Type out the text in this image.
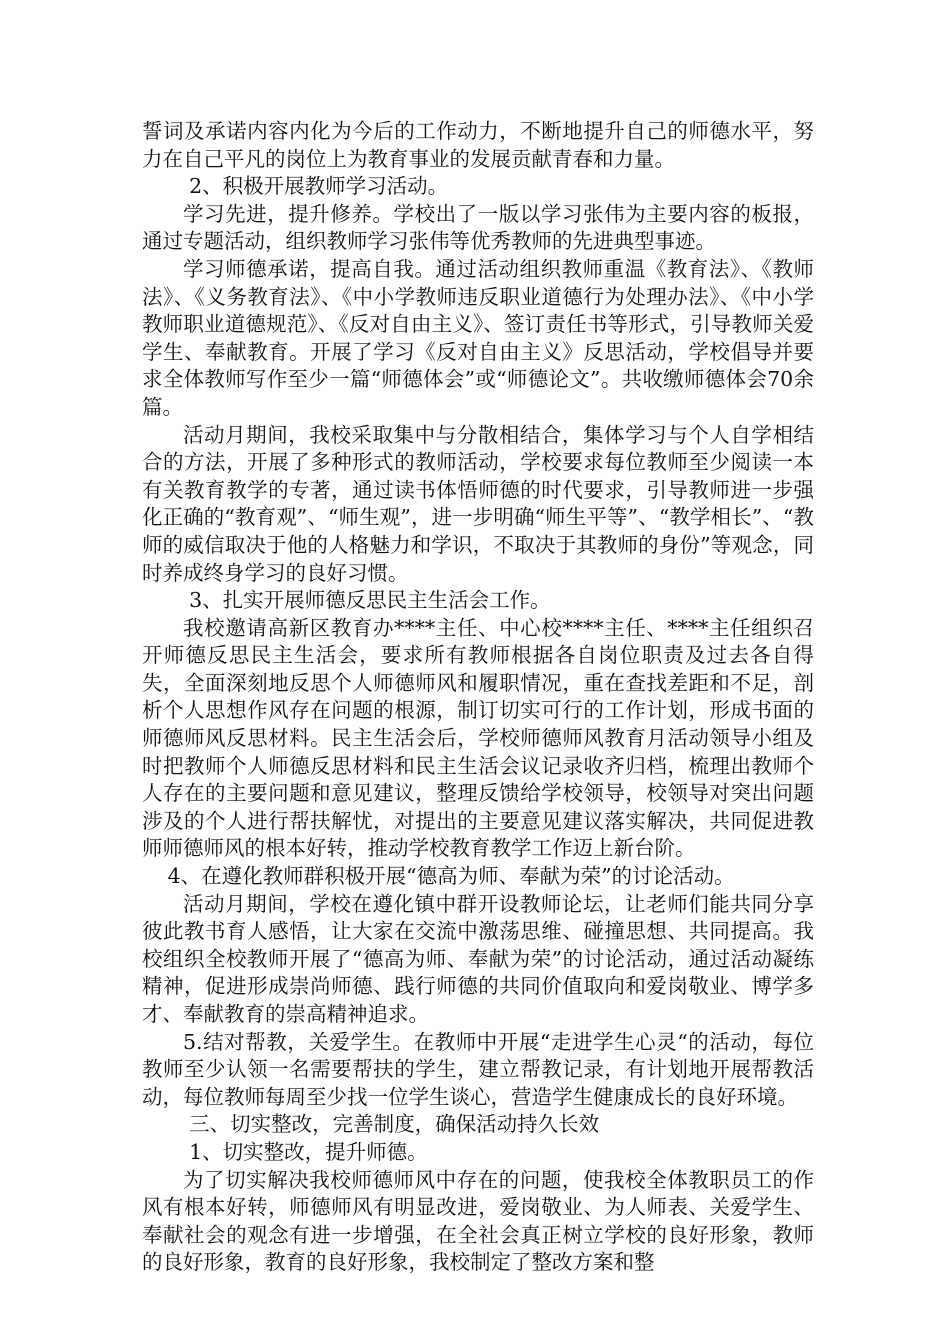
誓词及承诺内容内化为今后的工作动力，不断地提升自己的师德水平，努力在自己平凡的岗位上为教育事业的发展贡献青春和力量。

2、积极开展教师学习活动。

学习先进，提升修养。学校出了一版以学习张伟为主要内容的板报，通过专题活动，组织教师学习张伟等优秀教师的先进典型事迹。

学习师德承诺，提高自我。通过活动组织教师重温《教育法》、《教师法》、《义务教育法》、《中小学教师违反职业道德行为处理办法》、《中小学教师职业道德规范》、《反对自由主义》、签订责任书等形式，引导教师关爱学生、奉献教育。开展了学习《反对自由主义》反思活动，学校倡导并要求全体教师写作至少一篇“师德体会”或“师德论文”。共收缴师德体会70余篇。

活动月期间，我校采取集中与分散相结合，集体学习与个人自学相结合的方法，开展了多种形式的教师活动，学校要求每位教师至少阅读一本有关教育教学的专著，通过读书体悟师德的时代要求，引导教师进一步强化正确的“教育观”、“师生观”，进一步明确“师生平等”、“教学相长”、“教师的威信取决于他的人格魅力和学识，不取决于其教师的身份”等观念，同时养成终身学习的良好习惯。

3、扎实开展师德反思民主生活会工作。

我校邀请高新区教育办****主任、中心校****主任、****主任组织召开师德反思民主生活会，要求所有教师根据各自岗位职责及过去各自得失，全面深刻地反思个人师德师风和履职情况，重在查找差距和不足，剖析个人思想作风存在问题的根源，制订切实可行的工作计划，形成书面的师德师风反思材料。民主生活会后，学校师德师风教育月活动领导小组及时把教师个人师德反思材料和民主生活会议记录收齐归档，梳理出教师个人存在的主要问题和意见建议，整理反馈给学校领导，校领导对突出问题涉及的个人进行帮扶解忧，对提出的主要意见建议落实解决，共同促进教师师德师风的根本好转，推动学校教育教学工作迈上新台阶。

4、在遵化教师群积极开展“德高为师、奉献为荣”的讨论活动。

活动月期间，学校在遵化镇中群开设教师论坛，让老师们能共同分享彼此教书育人感悟，让大家在交流中激荡思维、碰撞思想、共同提高。我校组织全校教师开展了“德高为师、奉献为荣”的讨论活动，通过活动凝练精神，促进形成崇尚师德、践行师德的共同价值取向和爱岗敬业、博学多才、奉献教育的崇高精神追求。

5.结对帮教，关爱学生。在教师中开展“走进学生心灵“的活动，每位教师至少认领一名需要帮扶的学生，建立帮教记录，有计划地开展帮教活动，每位教师每周至少找一位学生谈心，营造学生健康成长的良好环境。

三、切实整改，完善制度，确保活动持久长效

1、切实整改，提升师德。

为了切实解决我校师德师风中存在的问题，使我校全体教职员工的作风有根本好转，师德师风有明显改进，爱岗敬业、为人师表、关爱学生、奉献社会的观念有进一步增强，在全社会真正树立学校的良好形象，教师的良好形象，教育的良好形象，我校制定了整改方案和整
